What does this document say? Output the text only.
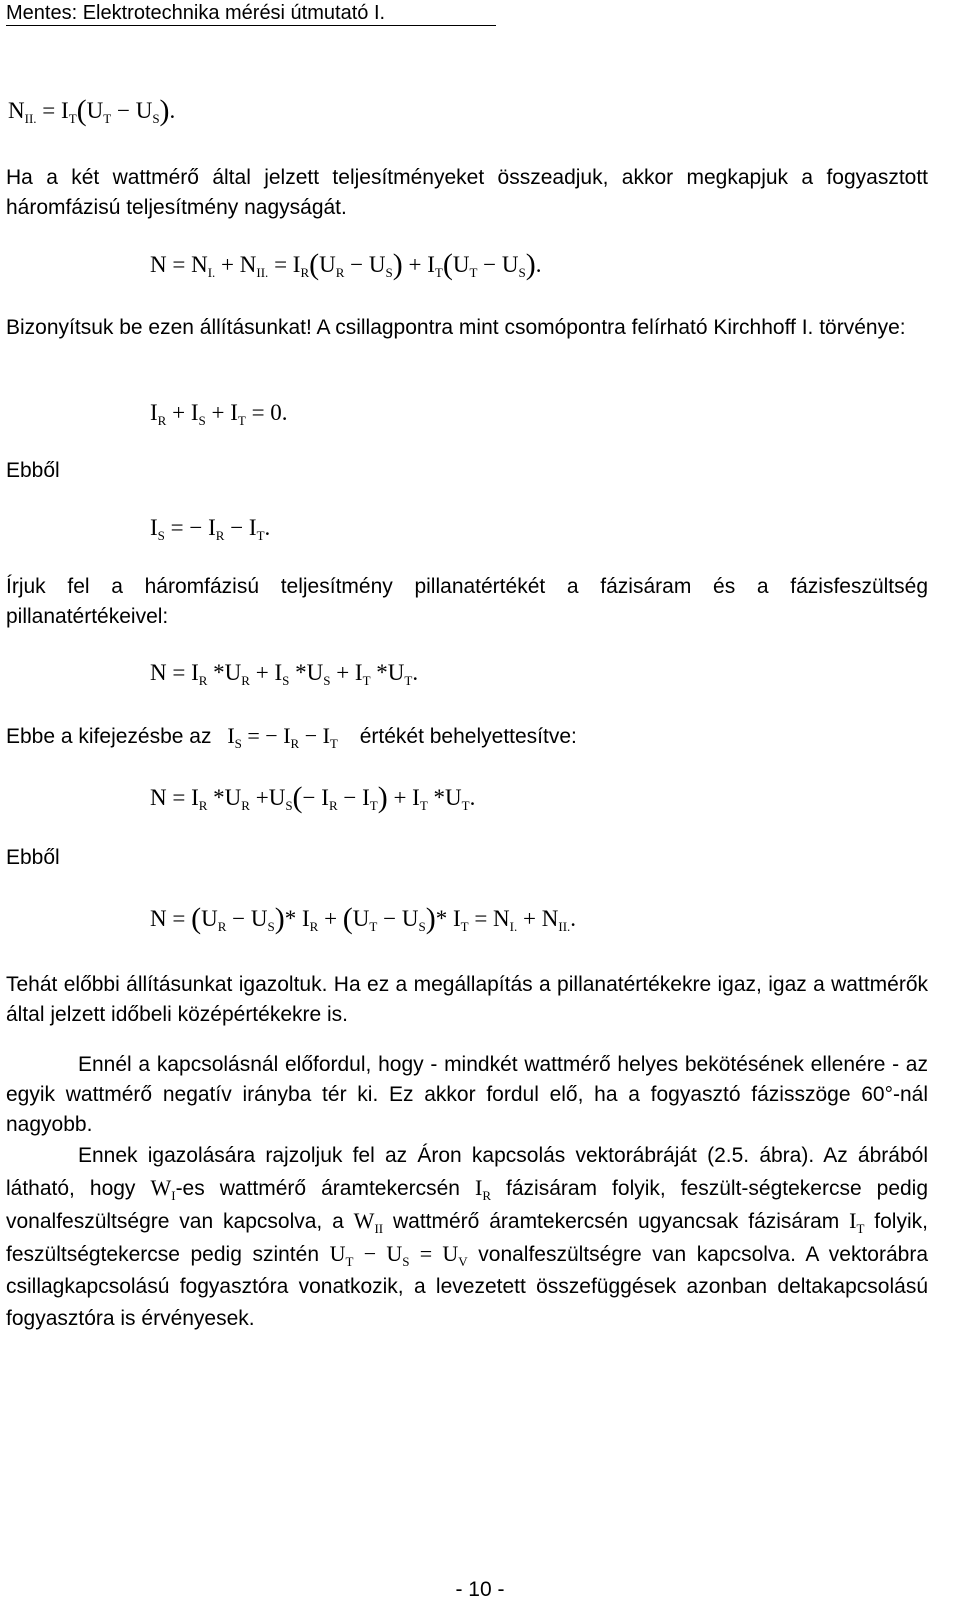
Mentes: Elektrotechnika mérési útmutató I.
$N_{II.} = I_T(U_T - U_S)$.
Ha a két wattmérő által jelzett teljesítményeket összeadjuk, akkor megkapjuk a fogyasztott háromfázisú teljesítmény nagyságát.
$N = N_{I.} + N_{II.} = I_R(U_R - U_S) + I_T(U_T - U_S)$.
Bizonyítsuk be ezen állításunkat! A csillagpontra mint csomópontra felírható Kirchhoff I. törvénye:
$I_R + I_S + I_T = 0$.
Ebből
$I_S$ = − $I_R - I_T$.
Írjuk fel a háromfázisú teljesítmény pillanatértékét a fázisáram és a fázisfeszültség pillanatértékeivel:
$N = I_R$ $*U_R + I_S$ $*U_S + I_T$ $*U_T$.
Ebbe a kifejezésbe az $I_S$ = − $I_R - I_T$ értékét behelyettesítve:
$N = I_R$ $*U_R +U_S(- I_R - I_T) + I_T$ $*U_T$.
Ebből
$N = (U_R - U_S)*$ $I_R + (U_T - U_S)*$ $I_T = N_{I.} + N_{II.}$.
Tehát előbbi állításunkat igazoltuk. Ha ez a megállapítás a pillanatértékekre igaz, igaz a wattmérők által jelzett időbeli középértékekre is.
Ennél a kapcsolásnál előfordul, hogy - mindkét wattmérő helyes bekötésének ellenére - az egyik wattmérő negatív irányba tér ki. Ez akkor fordul elő, ha a fogyasztó fázisszöge 60°-nál nagyobb.
Ennek igazolására rajzoljuk fel az Áron kapcsolás vektorábráját (2.5. ábra). Az ábrából látható, hogy $W_I-es$ wattmérő áramtekercsén $I_R$ fázisáram folyik, feszült-ségtekercse pedig vonalfeszültségre van kapcsolva, a $W_{II}$ wattmérő áramtekercsén ugyancsak fázisáram $I_T$ folyik, feszültségtekercse pedig szintén $U_T - U_S = U_V$ vonalfeszültségre van kapcsolva. A vektorábra csillagkapcsolású fogyasztóra vonatkozik, a levezetett összefüggések azonban deltakapcsolású fogyasztóra is érvényesek.
- 10 -
